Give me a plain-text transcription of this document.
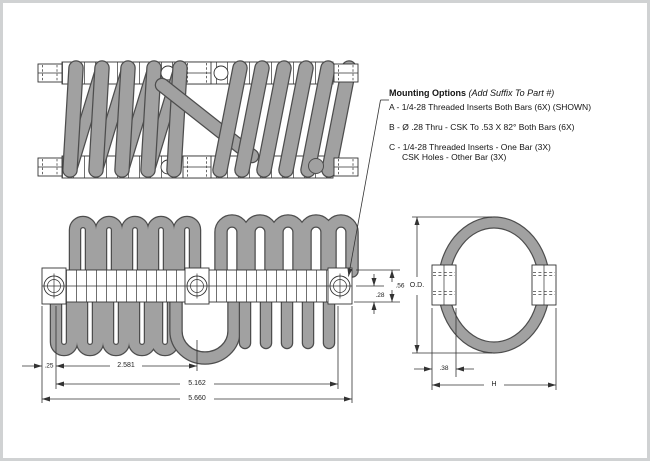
.25	2.581
5.162
5.660
.28
.56 O.D.
.38
H
Mounting Options (Add Suffix To Part #)
A - 1/4-28 Threaded Inserts Both Bars (6X) (SHOWN)
B - Ø .28 Thru - CSK To .53 X 82° Both Bars (6X)
C - 1/4-28 Threaded Inserts - One Bar (3X)
CSK Holes - Other Bar (3X)
